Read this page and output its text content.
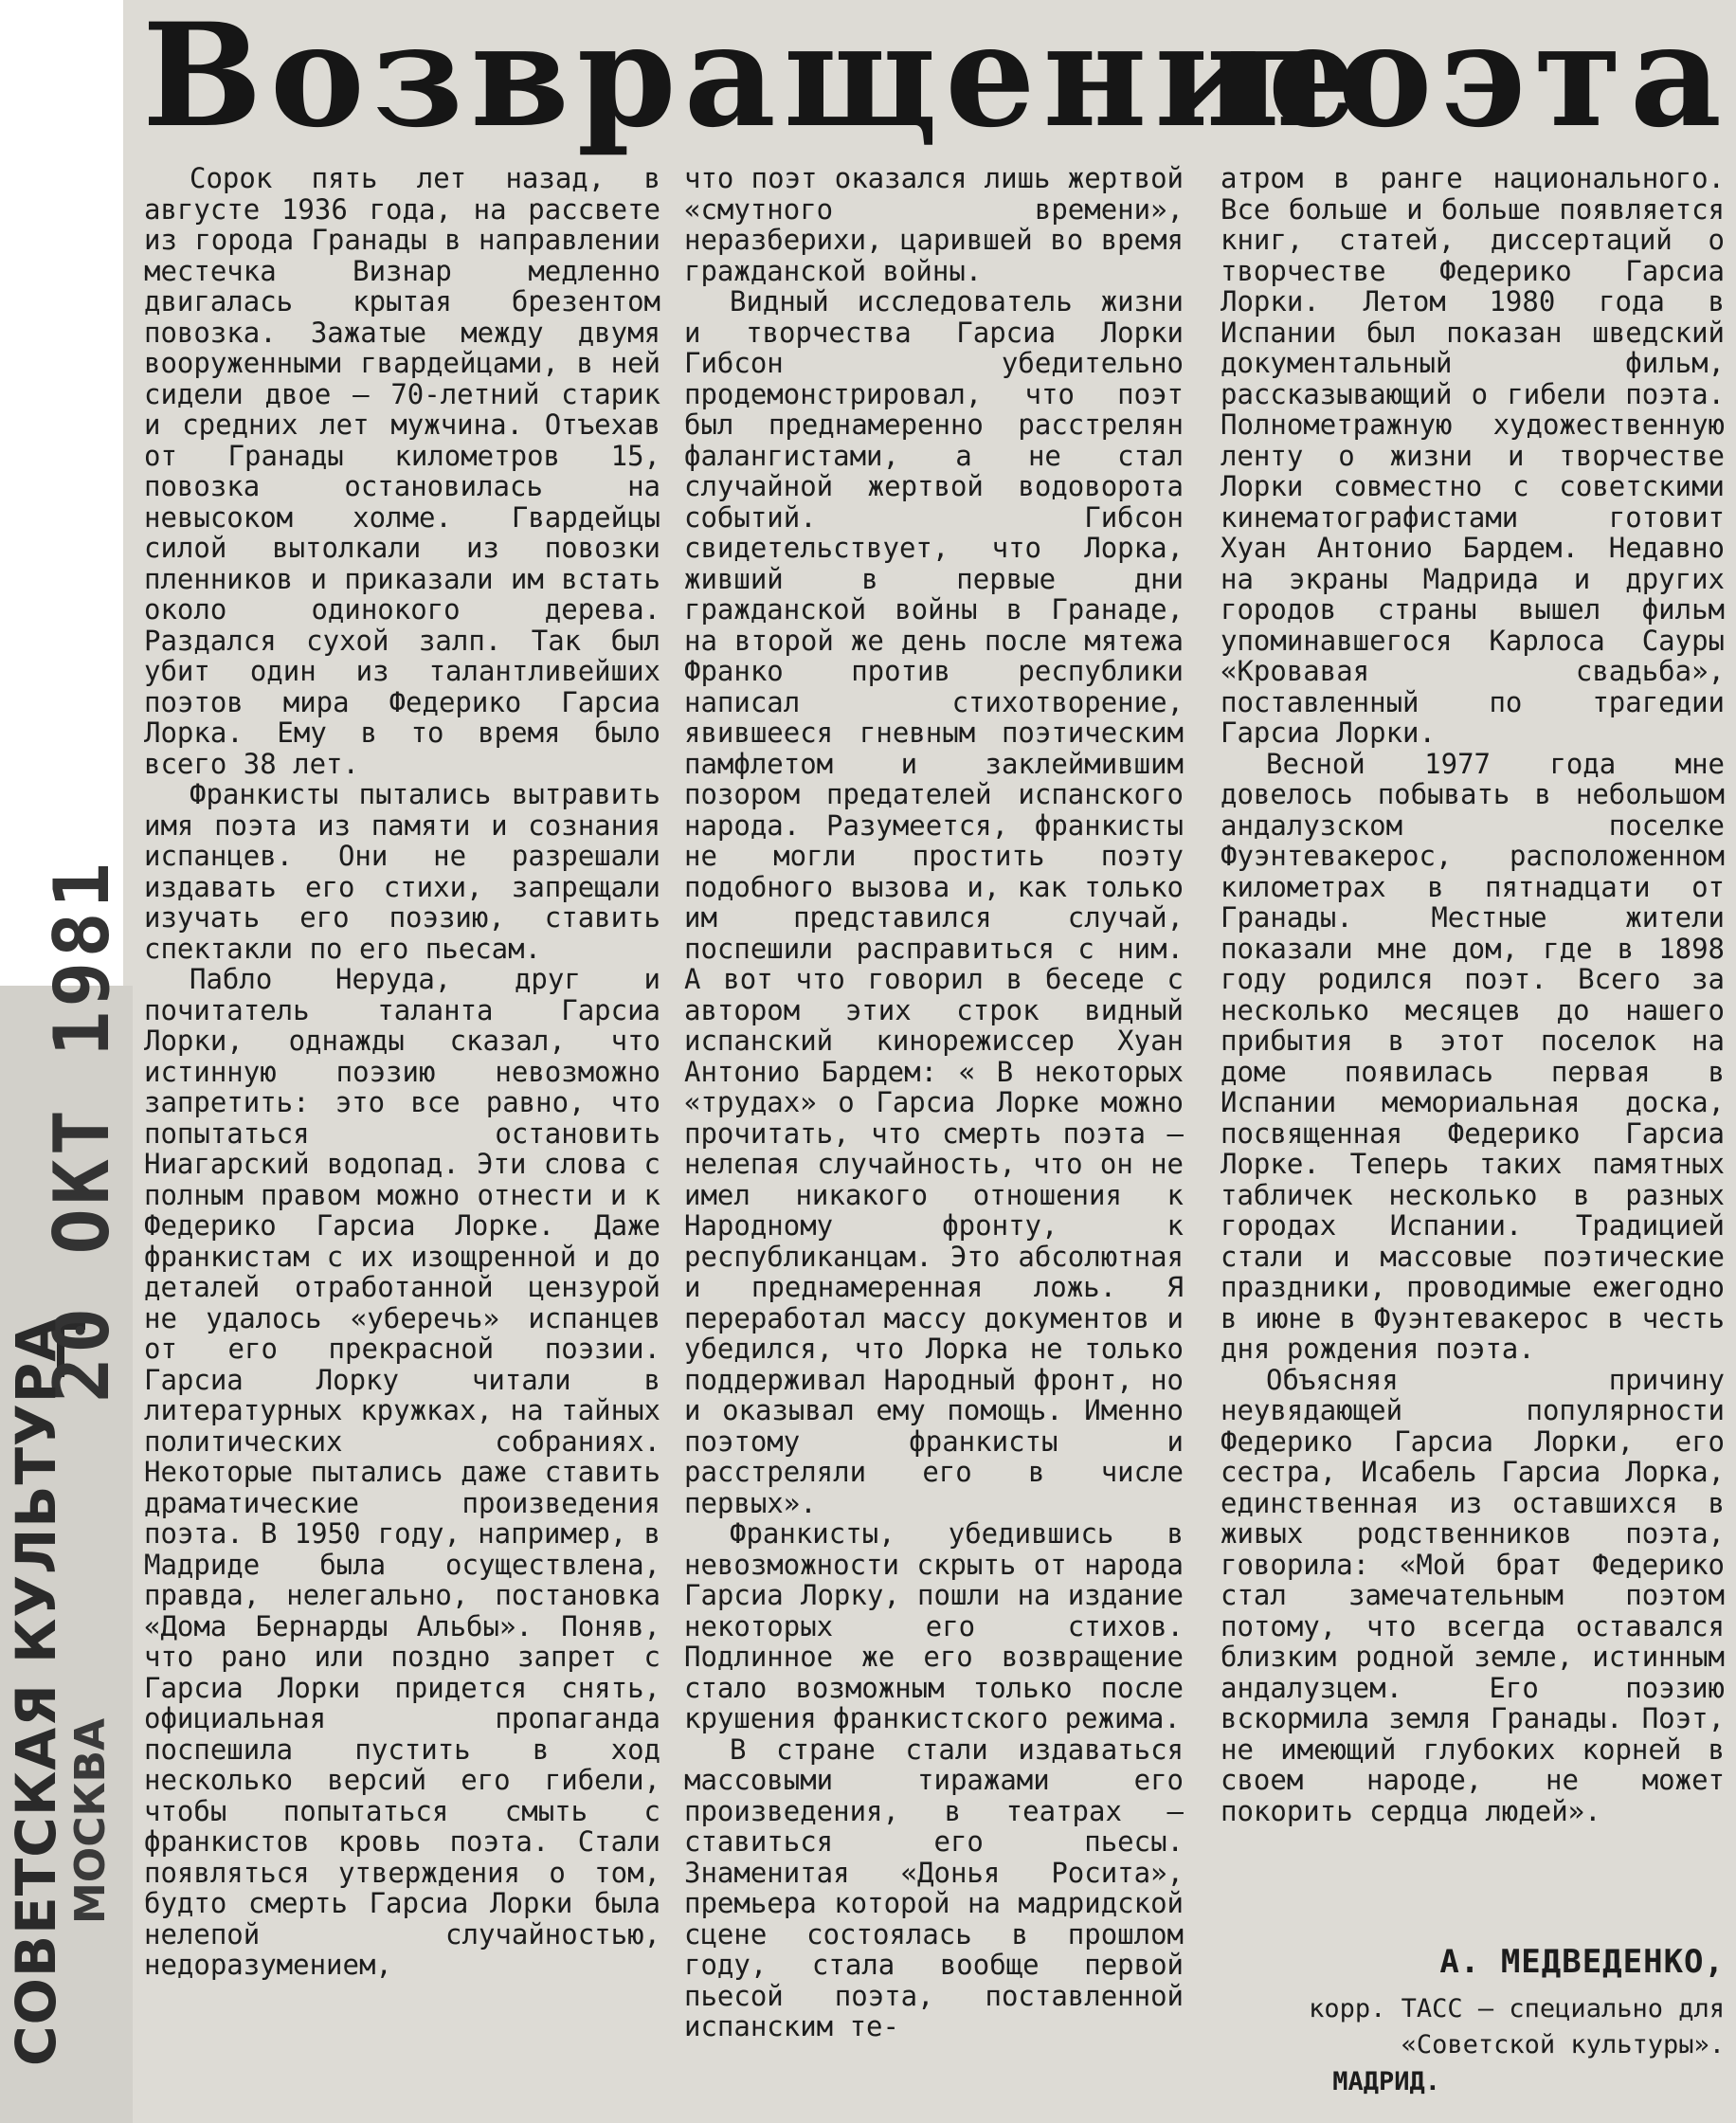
Возвращение
поэта

Сорок пять лет назад, в августе 1936 года, на рассвете из города Гранады в направлении местечка Визнар медленно двигалась крытая брезентом повозка. Зажатые между двумя вооруженными гвардейцами, в ней сидели двое — 70-летний старик и средних лет мужчина. Отъехав от Гранады километров 15, повозка остановилась на невысоком холме. Гвардейцы силой вытолкали из повозки пленников и приказали им встать около одинокого дерева. Раздался сухой залп. Так был убит один из талантливейших поэтов мира Федерико Гарсиа Лорка. Ему в то время было всего 38 лет.

Франкисты пытались вытравить имя поэта из памяти и сознания испанцев. Они не разрешали издавать его стихи, запрещали изучать его поэзию, ставить спектакли по его пьесам.

Пабло Неруда, друг и почитатель таланта Гарсиа Лорки, однажды сказал, что истинную поэзию невозможно запретить: это все равно, что попытаться остановить Ниагарский водопад. Эти слова с полным правом можно отнести и к Федерико Гарсиа Лорке. Даже франкистам с их изощренной и до деталей отработанной цензурой не удалось «уберечь» испанцев от его прекрасной поэзии. Гарсиа Лорку читали в литературных кружках, на тайных политических собраниях. Некоторые пытались даже ставить драматические произведения поэта. В 1950 году, например, в Мадриде была осуществлена, правда, нелегально, постановка «Дома Бернарды Альбы». Поняв, что рано или поздно запрет с Гарсиа Лорки придется снять, официальная пропаганда поспешила пустить в ход несколько версий его гибели, чтобы попытаться смыть с франкистов кровь поэта. Стали появляться утверждения о том, будто смерть Гарсиа Лорки была нелепой случайностью, недоразумением,

что поэт оказался лишь жертвой «смутного времени», неразберихи, царившей во время гражданской войны.

Видный исследователь жизни и творчества Гарсиа Лорки Гибсон убедительно продемонстрировал, что поэт был преднамеренно расстрелян фалангистами, а не стал случайной жертвой водоворота событий. Гибсон свидетельствует, что Лорка, живший в первые дни гражданской войны в Гранаде, на второй же день после мятежа Франко против республики написал стихотворение, явившееся гневным поэтическим памфлетом и заклеймившим позором предателей испанского народа. Разумеется, франкисты не могли простить поэту подобного вызова и, как только им представился случай, поспешили расправиться с ним. А вот что говорил в беседе с автором этих строк видный испанский кинорежиссер Хуан Антонио Бардем: « В некоторых «трудах» о Гарсиа Лорке можно прочитать, что смерть поэта — нелепая случайность, что он не имел никакого отношения к Народному фронту, к республиканцам. Это абсолютная и преднамеренная ложь. Я переработал массу документов и убедился, что Лорка не только поддерживал Народный фронт, но и оказывал ему помощь. Именно поэтому франкисты и расстреляли его в числе первых».

Франкисты, убедившись в невозможности скрыть от народа Гарсиа Лорку, пошли на издание некоторых его стихов. Подлинное же его возвращение стало возможным только после крушения франкистского режима.

В стране стали издаваться массовыми тиражами его произведения, в театрах — ставиться его пьесы. Знаменитая «Донья Росита», премьера которой на мадридской сцене состоялась в прошлом году, стала вообще первой пьесой поэта, поставленной испанским те-

атром в ранге национального. Все больше и больше появляется книг, статей, диссертаций о творчестве Федерико Гарсиа Лорки. Летом 1980 года в Испании был показан шведский документальный фильм, рассказывающий о гибели поэта. Полнометражную художественную ленту о жизни и творчестве Лорки совместно с советскими кинематографистами готовит Хуан Антонио Бардем. Недавно на экраны Мадрида и других городов страны вышел фильм упоминавшегося Карлоса Сауры «Кровавая свадьба», поставленный по трагедии Гарсиа Лорки.

Весной 1977 года мне довелось побывать в небольшом андалузском поселке Фуэнтевакерос, расположенном километрах в пятнадцати от Гранады. Местные жители показали мне дом, где в 1898 году родился поэт. Всего за несколько месяцев до нашего прибытия в этот поселок на доме появилась первая в Испании мемориальная доска, посвященная Федерико Гарсиа Лорке. Теперь таких памятных табличек несколько в разных городах Испании. Традицией стали и массовые поэтические праздники, проводимые ежегодно в июне в Фуэнтевакерос в честь дня рождения поэта.

Объясняя причину неувядающей популярности Федерико Гарсиа Лорки, его сестра, Исабель Гарсиа Лорка, единственная из оставшихся в живых родственников поэта, говорила: «Мой брат Федерико стал замечательным поэтом потому, что всегда оставался близким родной земле, истинным андалузцем. Его поэзию вскормила земля Гранады. Поэт, не имеющий глубоких корней в своем народе, не может покорить сердца людей».

А. МЕДВЕДЕНКО,
корр. ТАСС — специально для «Советской культуры».
МАДРИД.
20 ОКТ 1981
СОВЕТСКАЯ КУЛЬТУРА
МОСКВА
